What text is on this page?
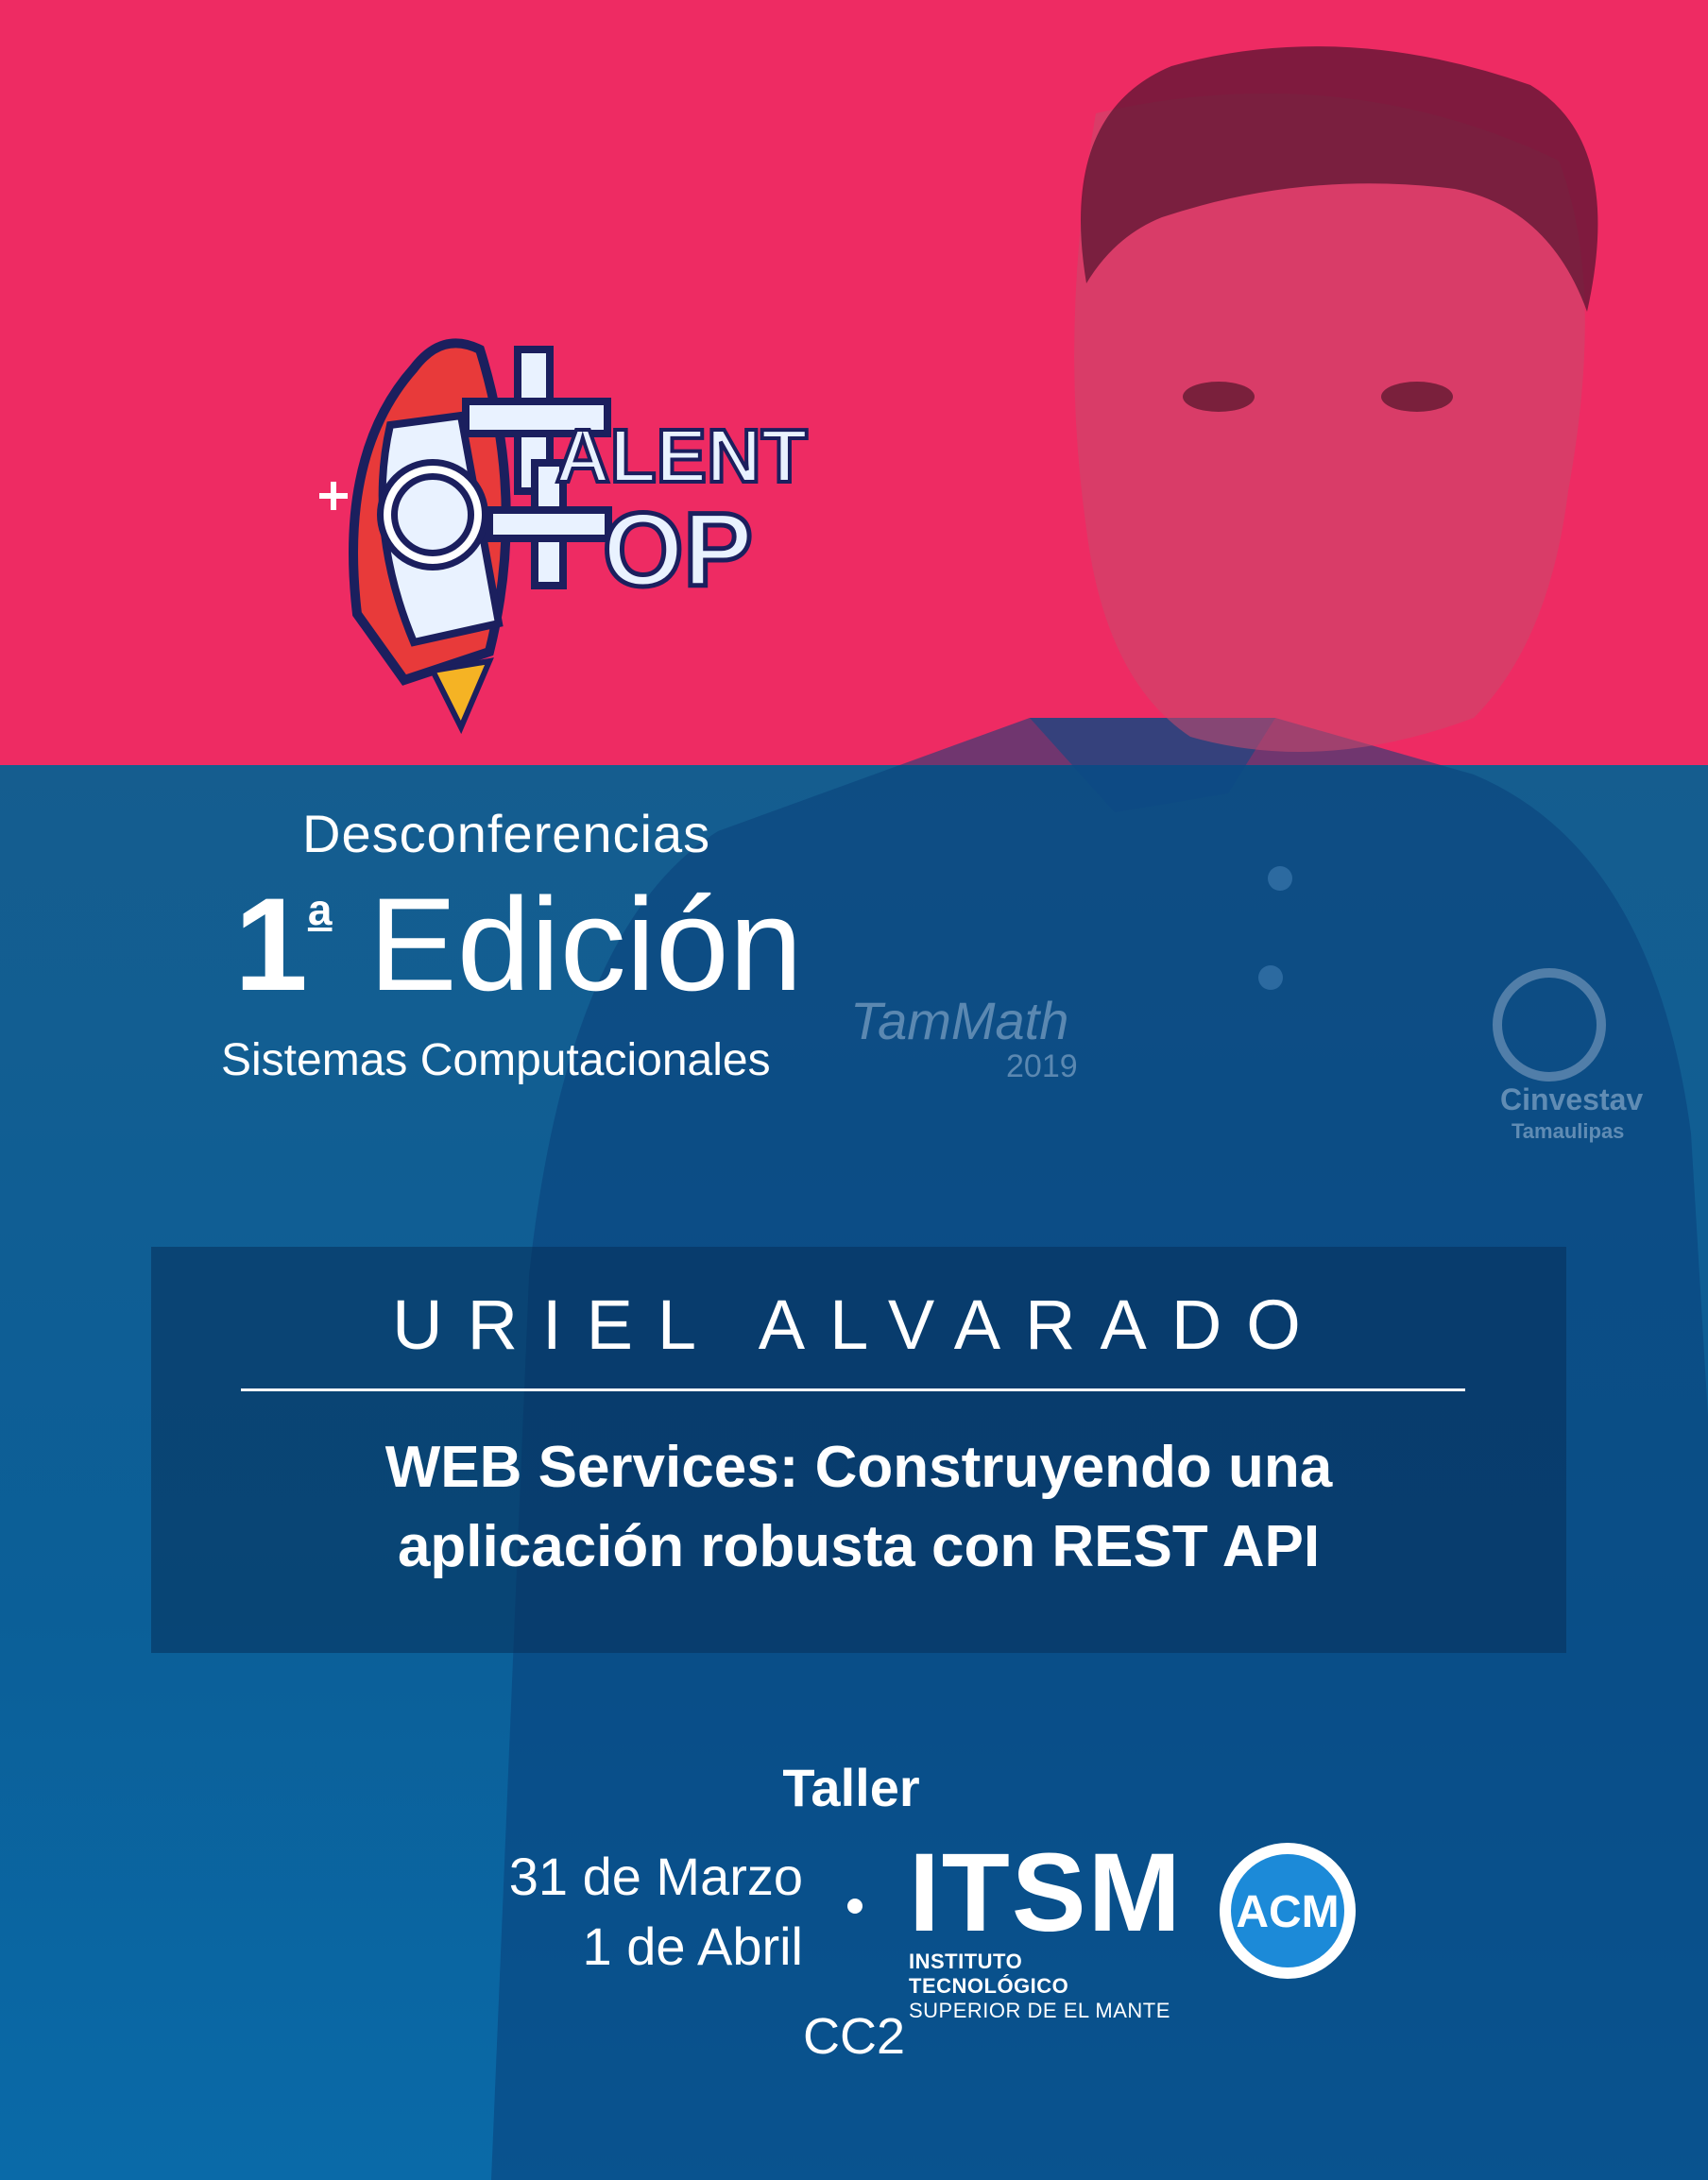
TamMath
2019
Cinvestav
Tamaulipas
ALENT
OP
Desconferencias
1$^a$ Edición
Sistemas Computacionales
URIEL ALVARADO
WEB Services: Construyendo una
aplicación robusta con REST API
Taller
31 de Marzo
1 de Abril ITSM
INSTITUTO TECNOLÓGICO
SUPERIOR DE EL MANTE
ACM
CC2
